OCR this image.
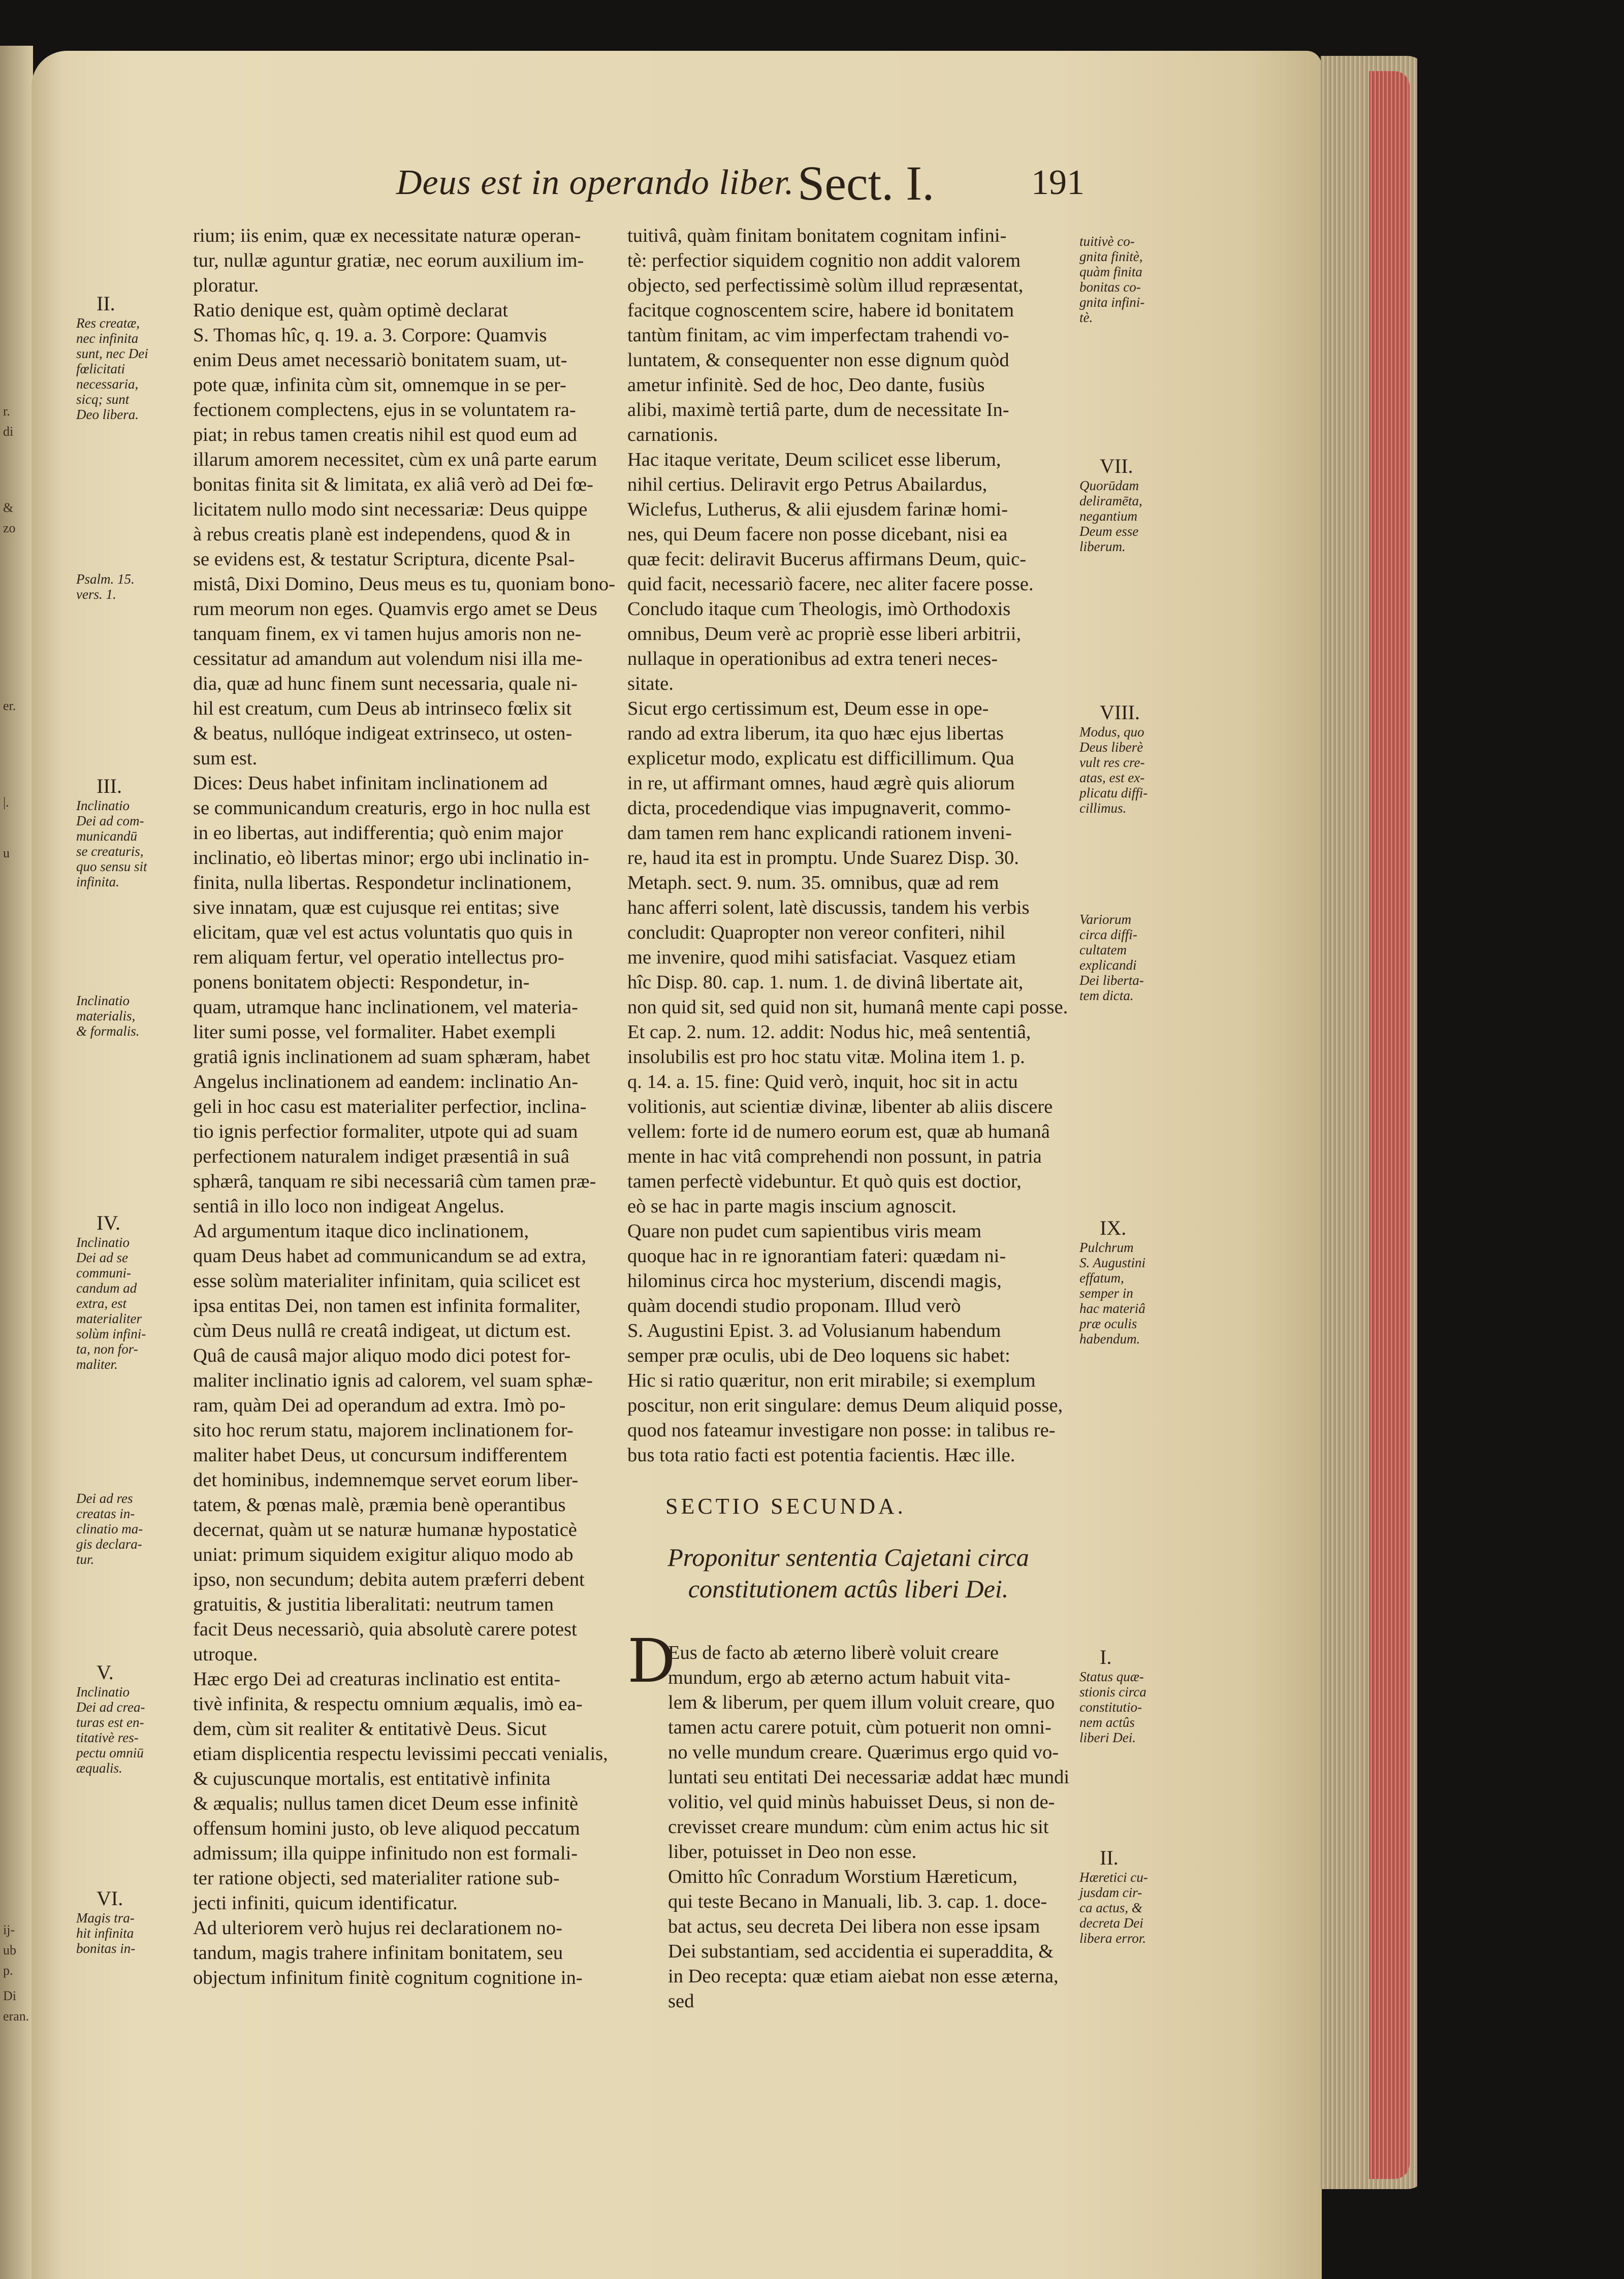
r.
di
&
zo
er.
|.
u
ij-
ub
p.
Di
eran.
Deus est in operando liber. Sect. I.	191
rium; iis enim, quæ ex necessitate naturæ operan-
tur, nullæ aguntur gratiæ, nec eorum auxilium im-
ploratur.
Ratio denique est, quàm optimè declarat
S. Thomas hîc, q. 19. a. 3. Corpore: Quamvis
enim Deus amet necessariò bonitatem suam, ut-
pote quæ, infinita cùm sit, omnemque in se per-
fectionem complectens, ejus in se voluntatem ra-
piat; in rebus tamen creatis nihil est quod eum ad
illarum amorem necessitet, cùm ex unâ parte earum
bonitas finita sit & limitata, ex aliâ verò ad Dei fœ-
licitatem nullo modo sint necessariæ: Deus quippe
à rebus creatis planè est independens, quod & in
se evidens est, & testatur Scriptura, dicente Psal-
mistâ, Dixi Domino, Deus meus es tu, quoniam bono-
rum meorum non eges. Quamvis ergo amet se Deus
tanquam finem, ex vi tamen hujus amoris non ne-
cessitatur ad amandum aut volendum nisi illa me-
dia, quæ ad hunc finem sunt necessaria, quale ni-
hil est creatum, cum Deus ab intrinseco fœlix sit
& beatus, nullóque indigeat extrinseco, ut osten-
sum est.
Dices: Deus habet infinitam inclinationem ad
se communicandum creaturis, ergo in hoc nulla est
in eo libertas, aut indifferentia; quò enim major
inclinatio, eò libertas minor; ergo ubi inclinatio in-
finita, nulla libertas. Respondetur inclinationem,
sive innatam, quæ est cujusque rei entitas; sive
elicitam, quæ vel est actus voluntatis quo quis in
rem aliquam fertur, vel operatio intellectus pro-
ponens bonitatem objecti: Respondetur, in-
quam, utramque hanc inclinationem, vel materia-
liter sumi posse, vel formaliter. Habet exempli
gratiâ ignis inclinationem ad suam sphæram, habet
Angelus inclinationem ad eandem: inclinatio An-
geli in hoc casu est materialiter perfectior, inclina-
tio ignis perfectior formaliter, utpote qui ad suam
perfectionem naturalem indiget præsentiâ in suâ
sphærâ, tanquam re sibi necessariâ cùm tamen præ-
sentiâ in illo loco non indigeat Angelus.
Ad argumentum itaque dico inclinationem,
quam Deus habet ad communicandum se ad extra,
esse solùm materialiter infinitam, quia scilicet est
ipsa entitas Dei, non tamen est infinita formaliter,
cùm Deus nullâ re creatâ indigeat, ut dictum est.
Quâ de causâ major aliquo modo dici potest for-
maliter inclinatio ignis ad calorem, vel suam sphæ-
ram, quàm Dei ad operandum ad extra. Imò po-
sito hoc rerum statu, majorem inclinationem for-
maliter habet Deus, ut concursum indifferentem
det hominibus, indemnemque servet eorum liber-
tatem, & pœnas malè, præmia benè operantibus
decernat, quàm ut se naturæ humanæ hypostaticè
uniat: primum siquidem exigitur aliquo modo ab
ipso, non secundum; debita autem præferri debent
gratuitis, & justitia liberalitati: neutrum tamen
facit Deus necessariò, quia absolutè carere potest
utroque.
Hæc ergo Dei ad creaturas inclinatio est entita-
tivè infinita, & respectu omnium æqualis, imò ea-
dem, cùm sit realiter & entitativè Deus. Sicut
etiam displicentia respectu levissimi peccati venialis,
& cujuscunque mortalis, est entitativè infinita
& æqualis; nullus tamen dicet Deum esse infinitè
offensum homini justo, ob leve aliquod peccatum
admissum; illa quippe infinitudo non est formali-
ter ratione objecti, sed materialiter ratione sub-
jecti infiniti, quicum identificatur.
Ad ulteriorem verò hujus rei declarationem no-
tandum, magis trahere infinitam bonitatem, seu
objectum infinitum finitè cognitum cognitione in-
tuitivâ, quàm finitam bonitatem cognitam infini-
tè: perfectior siquidem cognitio non addit valorem
objecto, sed perfectissimè solùm illud repræsentat,
facitque cognoscentem scire, habere id bonitatem
tantùm finitam, ac vim imperfectam trahendi vo-
luntatem, & consequenter non esse dignum quòd
ametur infinitè. Sed de hoc, Deo dante, fusiùs
alibi, maximè tertiâ parte, dum de necessitate In-
carnationis.
Hac itaque veritate, Deum scilicet esse liberum,
nihil certius. Deliravit ergo Petrus Abailardus,
Wiclefus, Lutherus, & alii ejusdem farinæ homi-
nes, qui Deum facere non posse dicebant, nisi ea
quæ fecit: deliravit Bucerus affirmans Deum, quic-
quid facit, necessariò facere, nec aliter facere posse.
Concludo itaque cum Theologis, imò Orthodoxis
omnibus, Deum verè ac propriè esse liberi arbitrii,
nullaque in operationibus ad extra teneri neces-
sitate.
Sicut ergo certissimum est, Deum esse in ope-
rando ad extra liberum, ita quo hæc ejus libertas
explicetur modo, explicatu est difficillimum. Qua
in re, ut affirmant omnes, haud ægrè quis aliorum
dicta, procedendique vias impugnaverit, commo-
dam tamen rem hanc explicandi rationem inveni-
re, haud ita est in promptu. Unde Suarez Disp. 30.
Metaph. sect. 9. num. 35. omnibus, quæ ad rem
hanc afferri solent, latè discussis, tandem his verbis
concludit: Quapropter non vereor confiteri, nihil
me invenire, quod mihi satisfaciat. Vasquez etiam
hîc Disp. 80. cap. 1. num. 1. de divinâ libertate ait,
non quid sit, sed quid non sit, humanâ mente capi posse.
Et cap. 2. num. 12. addit: Nodus hic, meâ sententiâ,
insolubilis est pro hoc statu vitæ. Molina item 1. p.
q. 14. a. 15. fine: Quid verò, inquit, hoc sit in actu
volitionis, aut scientiæ divinæ, libenter ab aliis discere
vellem: forte id de numero eorum est, quæ ab humanâ
mente in hac vitâ comprehendi non possunt, in patria
tamen perfectè videbuntur. Et quò quis est doctior,
eò se hac in parte magis inscium agnoscit.
Quare non pudet cum sapientibus viris meam
quoque hac in re ignorantiam fateri: quædam ni-
hilominus circa hoc mysterium, discendi magis,
quàm docendi studio proponam. Illud verò
S. Augustini Epist. 3. ad Volusianum habendum
semper præ oculis, ubi de Deo loquens sic habet:
Hic si ratio quæritur, non erit mirabile; si exemplum
poscitur, non erit singulare: demus Deum aliquid posse,
quod nos fateamur investigare non posse: in talibus re-
bus tota ratio facti est potentia facientis. Hæc ille.
SECTIO SECUNDA.
Proponitur sententia Cajetani circa
constitutionem actûs liberi Dei.
D
Eus de facto ab æterno liberè voluit creare
mundum, ergo ab æterno actum habuit vita-
lem & liberum, per quem illum voluit creare, quo
tamen actu carere potuit, cùm potuerit non omni-
no velle mundum creare. Quærimus ergo quid vo-
luntati seu entitati Dei necessariæ addat hæc mundi
volitio, vel quid minùs habuisset Deus, si non de-
crevisset creare mundum: cùm enim actus hic sit
liber, potuisset in Deo non esse.
Omitto hîc Conradum Worstium Hæreticum,
qui teste Becano in Manuali, lib. 3. cap. 1. doce-
bat actus, seu decreta Dei libera non esse ipsam
Dei substantiam, sed accidentia ei superaddita, &
in Deo recepta: quæ etiam aiebat non esse æterna,
sed
II.
Res creatæ,
nec infinita
sunt, nec Dei
fœlicitati
necessaria,
sicq; sunt
Deo libera.
Psalm. 15.
vers. 1.
III.
Inclinatio
Dei ad com-
municandū
se creaturis,
quo sensu sit
infinita.
Inclinatio
materialis,
& formalis.
IV.
Inclinatio
Dei ad se
communi-
candum ad
extra, est
materialiter
solùm infini-
ta, non for-
maliter.
Dei ad res
creatas in-
clinatio ma-
gis declara-
tur.
V.
Inclinatio
Dei ad crea-
turas est en-
titativè res-
pectu omniū
æqualis.
VI.
Magis tra-
hit infinita
bonitas in-
tuitivè co-
gnita finitè,
quàm finita
bonitas co-
gnita infini-
tè.
VII.
Quorūdam
deliramēta,
negantium
Deum esse
liberum.
VIII.
Modus, quo
Deus liberè
vult res cre-
atas, est ex-
plicatu diffi-
cillimus.
Variorum
circa diffi-
cultatem
explicandi
Dei liberta-
tem dicta.
IX.
Pulchrum
S. Augustini
effatum,
semper in
hac materiâ
præ oculis
habendum.
I.
Status quæ-
stionis circa
constitutio-
nem actûs
liberi Dei.
II.
Hæretici cu-
jusdam cir-
ca actus, &
decreta Dei
libera error.
